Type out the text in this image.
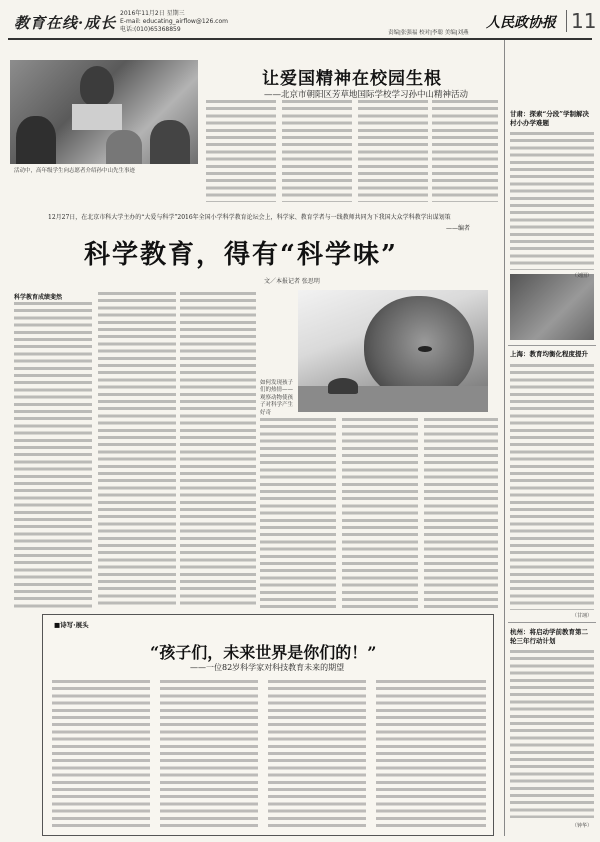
教育在线·成长
2016年11月2日 星期三
E-mail: educating_airflow@126.com
电话:(010)65368859	责编|张强福 校对|李聪 美编|刘燕
人民政协报 11
活动中，高年级学生向志愿者介绍孙中山先生事迹
让爱国精神在校园生根
——北京市朝阳区芳草地国际学校学习孙中山精神活动
12月27日，在北京市科大学主办的“大爱与科学”2016年全国小学科学教育论坛会上，科学家、教育学者与一线教师共同为下我国大众学科教学出谋划策
——编者
科学教育，得有“科学味”
文／本报记者 张思明
科学教育成绩斐然
如何发现孩子们的热情——观察动物使孩子对科学产生好奇
■诗写·展头
“孩子们，未来世界是你们的！”
——一位82岁科学家对科技教育未来的期望
甘肃：探索“分段”学制解决村小办学难题
（刘国）
上海：教育均衡化程度提升
（甘翊）
杭州：将启动学前教育第二轮三年行动计划
（钟华）
